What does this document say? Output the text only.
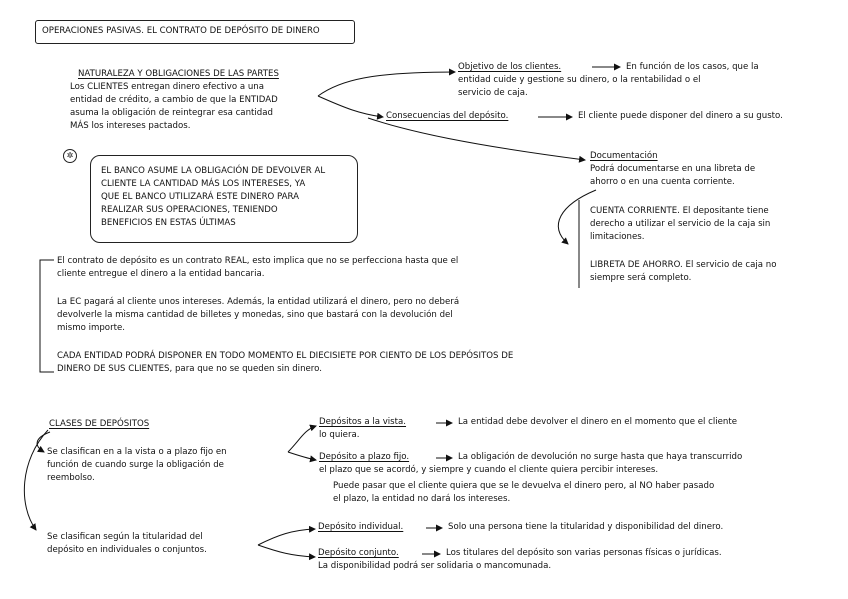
OPERACIONES PASIVAS. EL CONTRATO DE DEPÓSITO DE DINERO
NATURALEZA Y OBLIGACIONES DE LAS PARTES
Los CLIENTES entregan dinero efectivo a una
entidad de crédito, a cambio de que la ENTIDAD
asuma la obligación de reintegrar esa cantidad
MÁS los intereses pactados.
✲
EL BANCO ASUME LA OBLIGACIÓN DE DEVOLVER AL
CLIENTE LA CANTIDAD MÁS LOS INTERESES, YA
QUE EL BANCO UTILIZARÁ ESTE DINERO PARA
REALIZAR SUS OPERACIONES, TENIENDO
BENEFICIOS EN ESTAS ÚLTIMAS
Objetivo de los clientes.	En función de los casos, que la
entidad cuide y gestione su dinero, o la rentabilidad o el
servicio de caja.
Consecuencias del depósito.	El cliente puede disponer del dinero a su gusto.
Documentación
Podrá documentarse en una libreta de
ahorro o en una cuenta corriente.
CUENTA CORRIENTE. El depositante tiene
derecho a utilizar el servicio de la caja sin
limitaciones.
LIBRETA DE AHORRO. El servicio de caja no
siempre será completo.
El contrato de depósito es un contrato REAL, esto implica que no se perfecciona hasta que el
cliente entregue el dinero a la entidad bancaria.
La EC pagará al cliente unos intereses. Además, la entidad utilizará el dinero, pero no deberá
devolverle la misma cantidad de billetes y monedas, sino que bastará con la devolución del
mismo importe.
CADA ENTIDAD PODRÁ DISPONER EN TODO MOMENTO EL DIECISIETE POR CIENTO DE LOS DEPÓSITOS DE
DINERO DE SUS CLIENTES, para que no se queden sin dinero.
CLASES DE DEPÓSITOS
Se clasifican en a la vista o a plazo fijo en
función de cuando surge la obligación de
reembolso.
Depósitos a la vista.	La entidad debe devolver el dinero en el momento que el cliente
lo quiera.
Depósito a plazo fijo.	La obligación de devolución no surge hasta que haya transcurrido
el plazo que se acordó, y siempre y cuando el cliente quiera percibir intereses.
Puede pasar que el cliente quiera que se le devuelva el dinero pero, al NO haber pasado
el plazo, la entidad no dará los intereses.
Se clasifican según la titularidad del
depósito en individuales o conjuntos.
Depósito individual.	Solo una persona tiene la titularidad y disponibilidad del dinero.
Depósito conjunto.	Los titulares del depósito son varias personas físicas o jurídicas.
La disponibilidad podrá ser solidaria o mancomunada.
